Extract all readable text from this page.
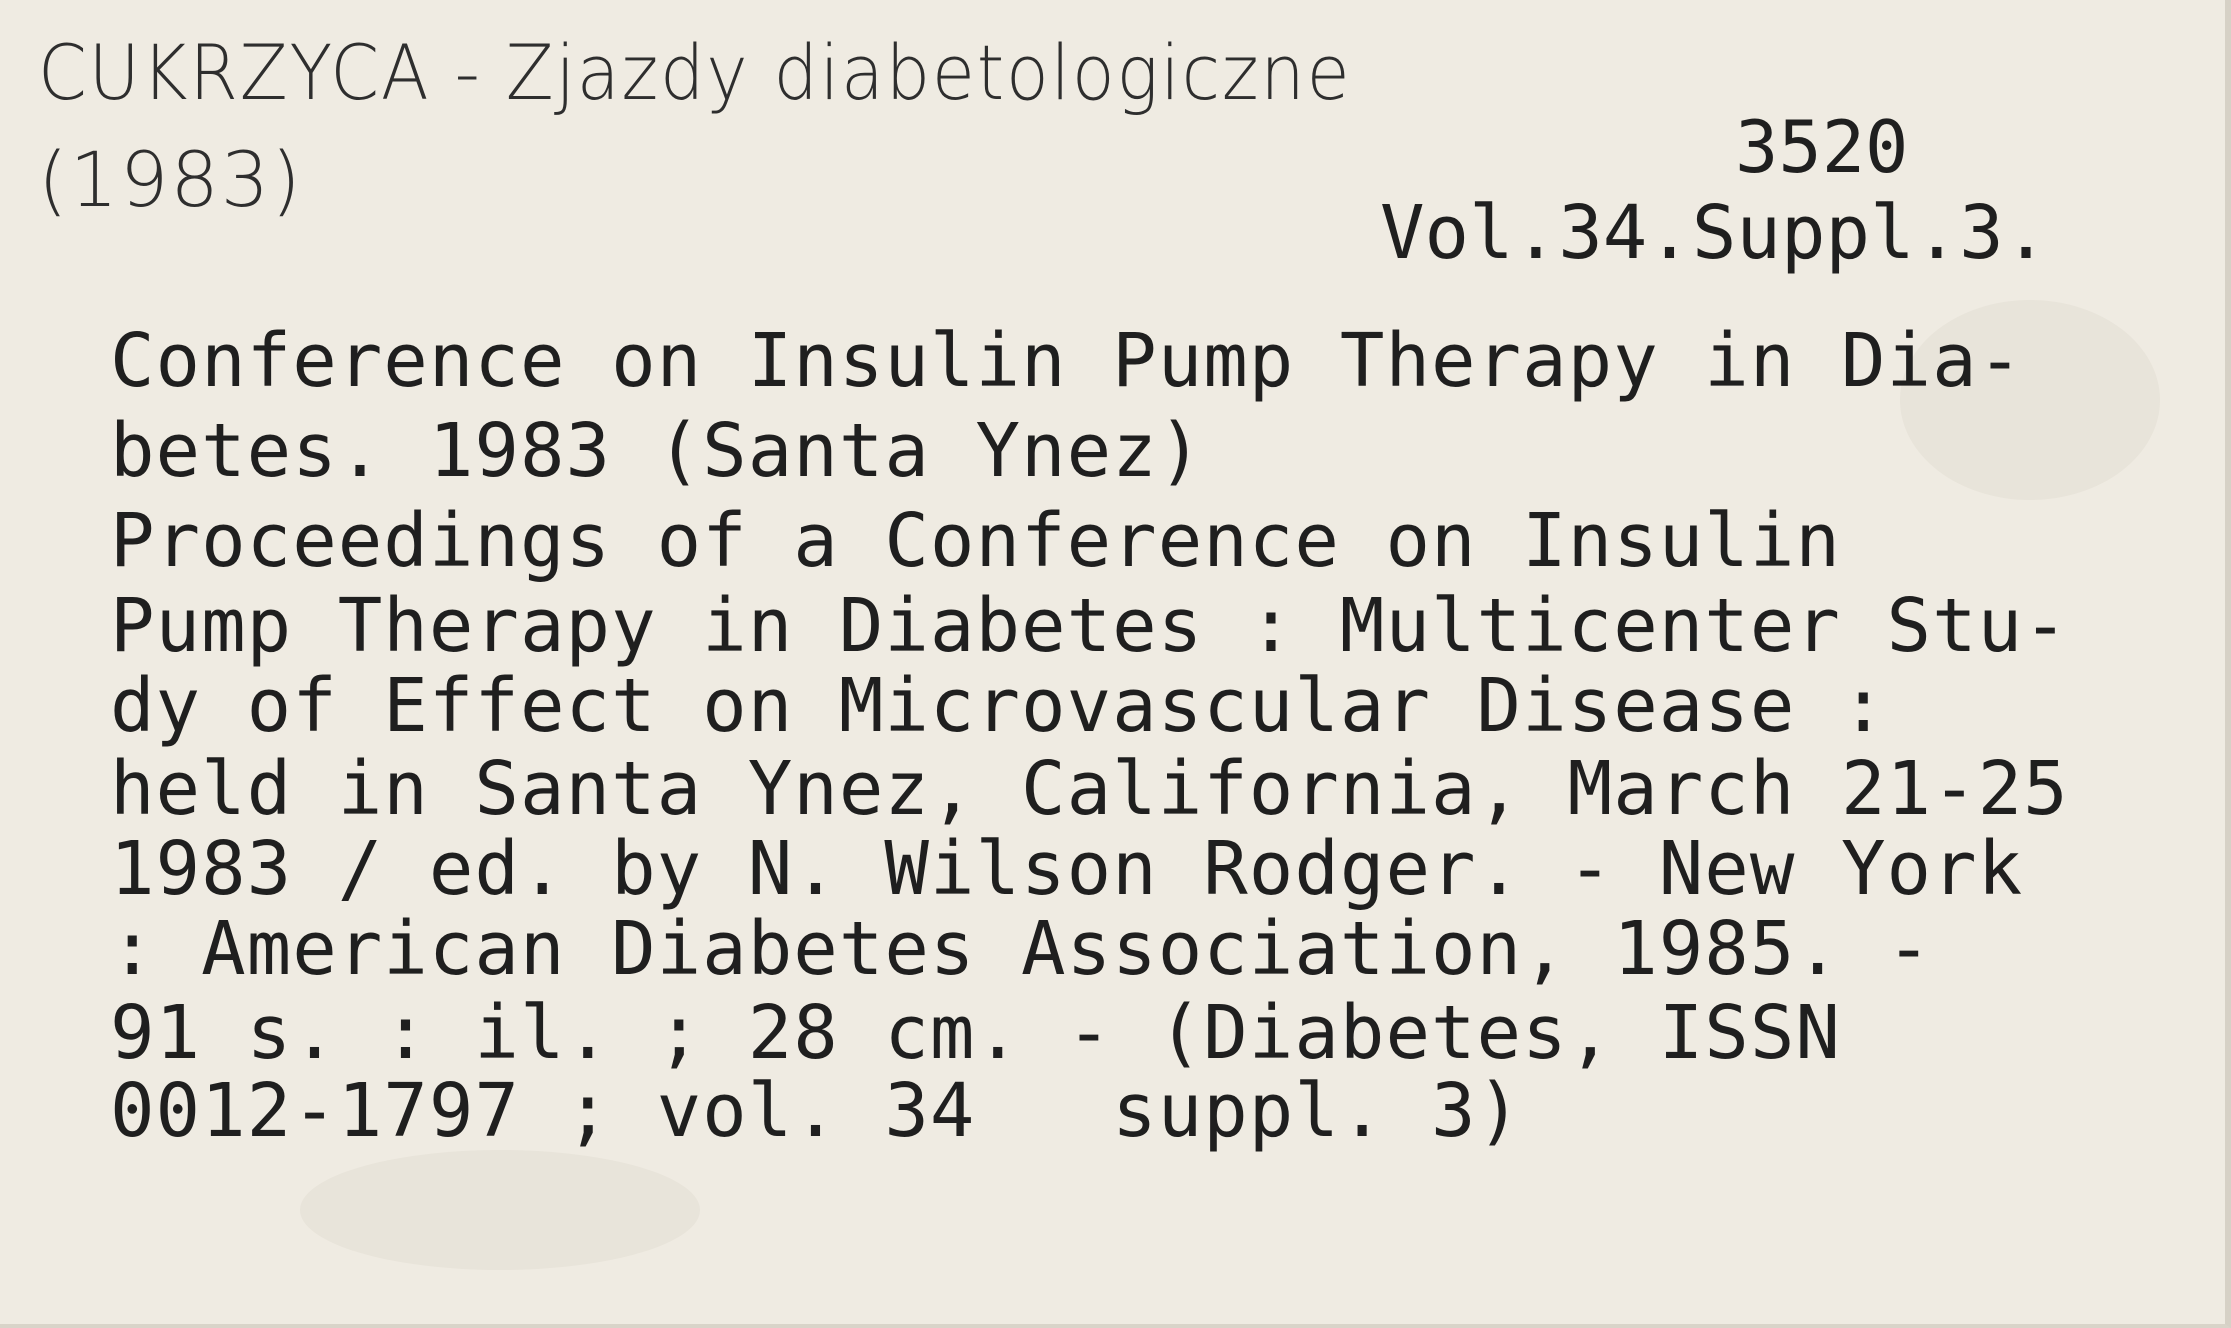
CUKRZYCA - Zjazdy diabetologiczne
(1983)	3520
Vol.34.Suppl.3.
Conference on Insulin Pump Therapy in Dia-
betes. 1983 (Santa Ynez)
Proceedings of a Conference on Insulin
Pump Therapy in Diabetes : Multicenter Stu-
dy of Effect on Microvascular Disease :
held in Santa Ynez, California, March 21-25
1983 / ed. by N. Wilson Rodger. - New York
: American Diabetes Association, 1985. -
91 s. : il. ; 28 cm. - (Diabetes, ISSN
0012-1797 ; vol. 34   suppl. 3)
